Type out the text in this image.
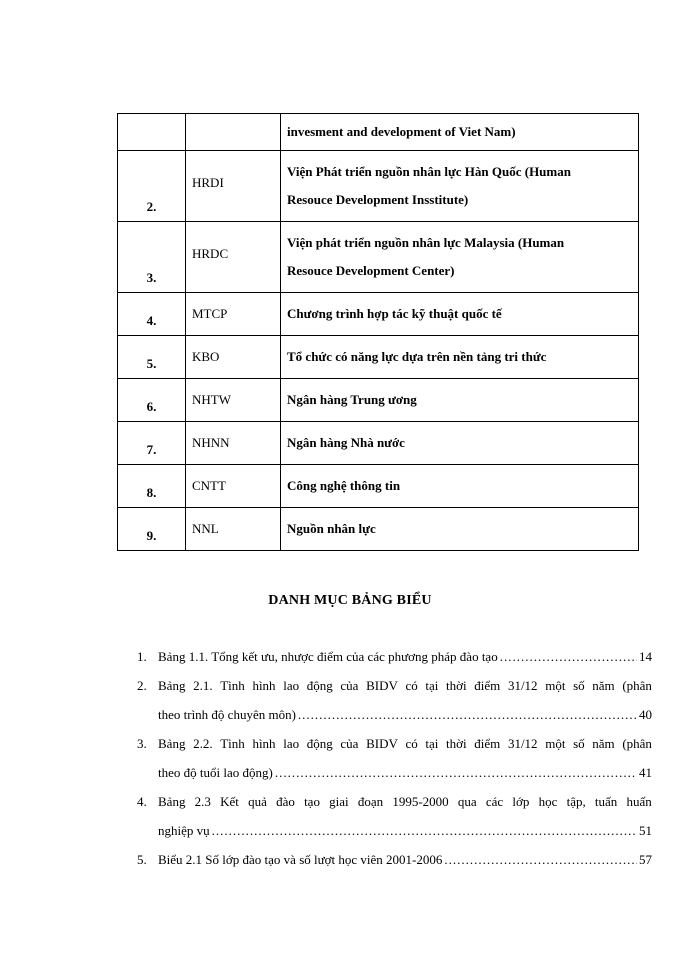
		invesment and development of Viet Nam)

2.	HRDI	Viện Phát triển nguồn nhân lực Hàn Quốc (Human
Resouce Development Insstitute)

3.	HRDC	Viện phát triển nguồn nhân lực Malaysia (Human
Resouce Development Center)

4.	MTCP	Chương trình hợp tác kỹ thuật quốc tế

5.	KBO	Tổ chức có năng lực dựa trên nền tảng tri thức

6.	NHTW	Ngân hàng Trung ương

7.	NHNN	Ngân hàng Nhà nước

8.	CNTT	Công nghệ thông tin

9.	NNL	Nguồn nhân lực
DANH MỤC BẢNG BIỂU
1. Bảng 1.1. Tổng kết ưu, nhược điểm của các phương pháp đào tạo .....	14
2. Bảng 2.1. Tình hình lao động của BIDV có tại thời điểm 31/12 một số năm (phân
theo trình độ chuyên môn) .....	40
3. Bảng 2.2. Tình hình lao động của BIDV có tại thời điểm 31/12 một số năm (phân
theo độ tuổi lao động) .....	41
4. Bảng 2.3 Kết quả đào tạo giai đoạn 1995-2000 qua các lớp học tập, tuấn huấn
nghiệp vụ .....	51
5. Biểu 2.1 Số lớp đào tạo và số lượt học viên 2001-2006 .....	57
